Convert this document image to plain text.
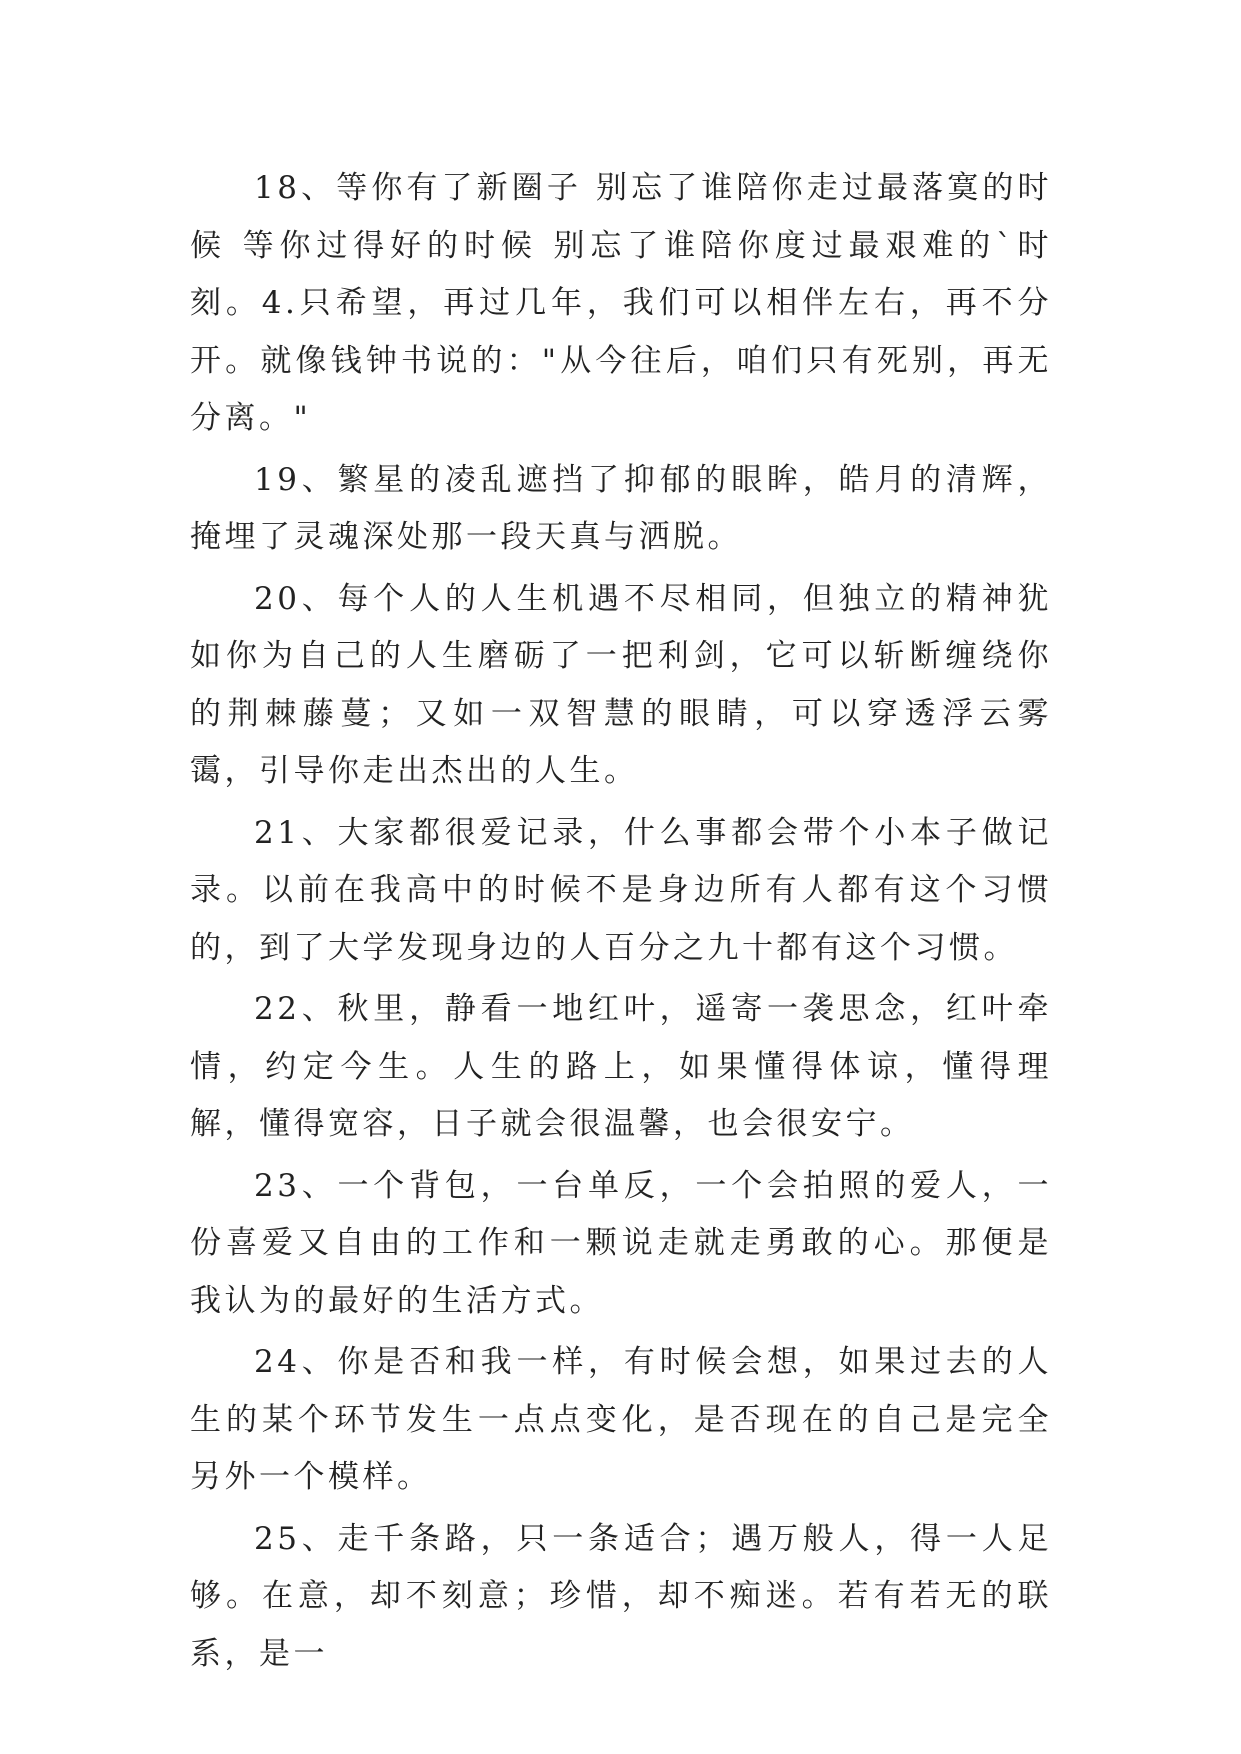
18、等你有了新圈子 别忘了谁陪你走过最落寞的时候 等你过得好的时候 别忘了谁陪你度过最艰难的`时刻。4.只希望，再过几年，我们可以相伴左右，再不分开。就像钱钟书说的："从今往后，咱们只有死别，再无分离。"

19、繁星的凌乱遮挡了抑郁的眼眸，皓月的清辉，掩埋了灵魂深处那一段天真与洒脱。

20、每个人的人生机遇不尽相同，但独立的精神犹如你为自己的人生磨砺了一把利剑，它可以斩断缠绕你的荆棘藤蔓；又如一双智慧的眼睛，可以穿透浮云雾霭，引导你走出杰出的人生。

21、大家都很爱记录，什么事都会带个小本子做记录。以前在我高中的时候不是身边所有人都有这个习惯的，到了大学发现身边的人百分之九十都有这个习惯。

22、秋里，静看一地红叶，遥寄一袭思念，红叶牵情，约定今生。人生的路上，如果懂得体谅，懂得理解，懂得宽容，日子就会很温馨，也会很安宁。

23、一个背包，一台单反，一个会拍照的爱人，一份喜爱又自由的工作和一颗说走就走勇敢的心。那便是我认为的最好的生活方式。

24、你是否和我一样，有时候会想，如果过去的人生的某个环节发生一点点变化，是否现在的自己是完全另外一个模样。

25、走千条路，只一条适合；遇万般人，得一人足够。在意，却不刻意；珍惜，却不痴迷。若有若无的联系，是一
